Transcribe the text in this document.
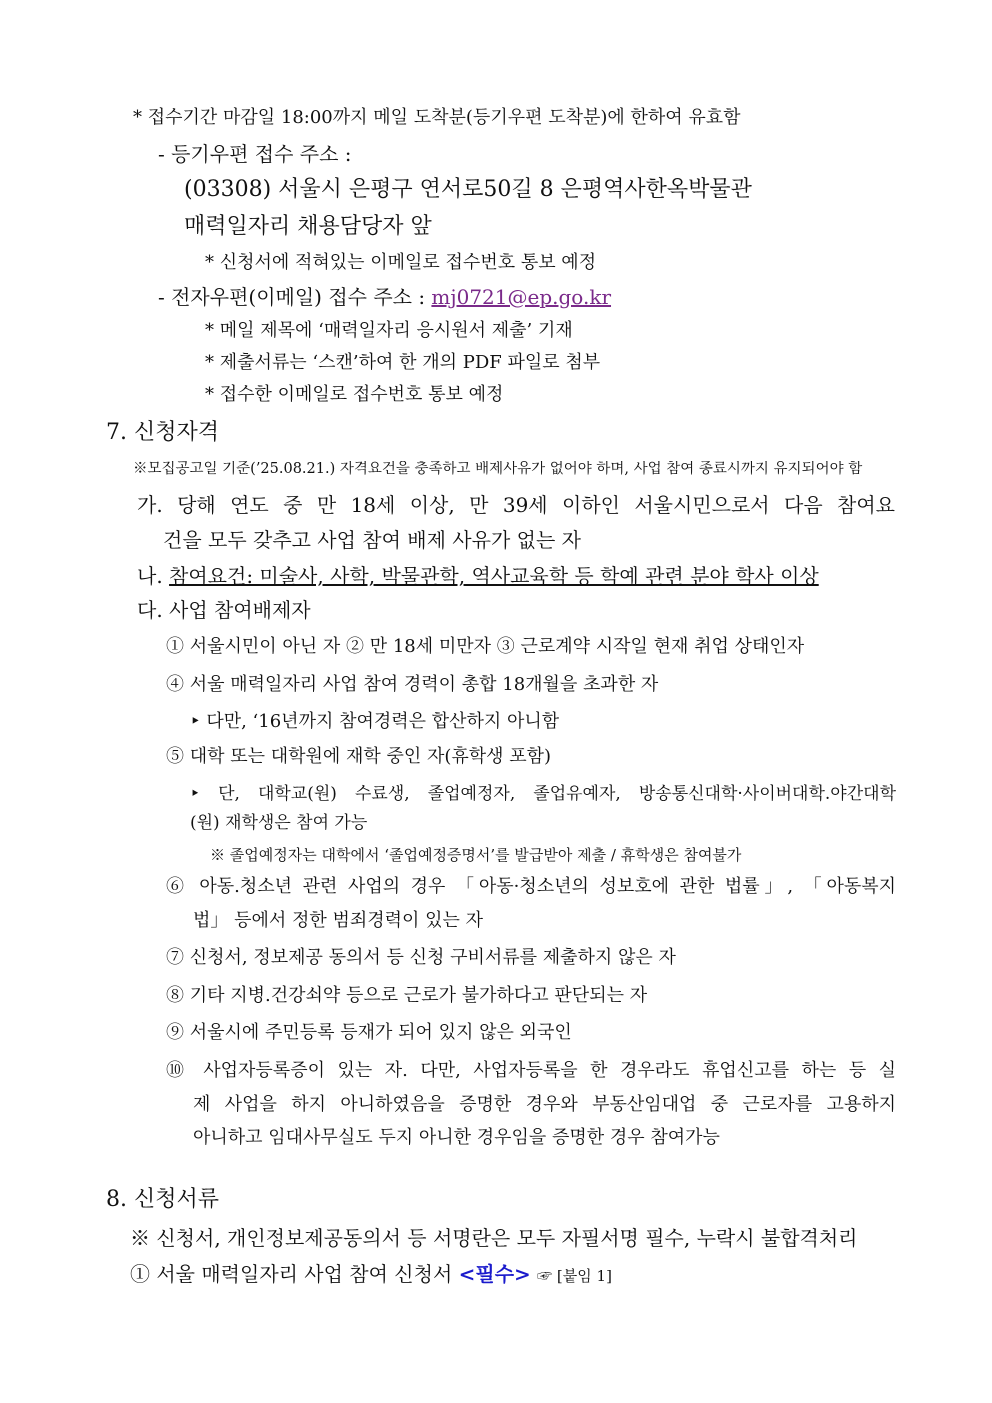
* 접수기간 마감일 18:00까지 메일 도착분(등기우편 도착분)에 한하여 유효함
- 등기우편 접수 주소 :
(03308) 서울시 은평구 연서로50길 8 은평역사한옥박물관
매력일자리 채용담당자 앞
* 신청서에 적혀있는 이메일로 접수번호 통보 예정
- 전자우편(이메일) 접수 주소 : mj0721@ep.go.kr
* 메일 제목에 ‘매력일자리 응시원서 제출’ 기재
* 제출서류는 ‘스캔’하여 한 개의 PDF 파일로 첨부
* 접수한 이메일로 접수번호 통보 예정
7. 신청자격
※모집공고일 기준(’25.08.21.) 자격요건을 충족하고 배제사유가 없어야 하며, 사업 참여 종료시까지 유지되어야 함
가. 당해 연도 중 만 18세 이상, 만 39세 이하인 서울시민으로서 다음 참여요
건을 모두 갖추고 사업 참여 배제 사유가 없는 자
나. 참여요건: 미술사, 사학, 박물관학, 역사교육학 등 학예 관련 분야 학사 이상
다. 사업 참여배제자
① 서울시민이 아닌 자 ② 만 18세 미만자 ③ 근로계약 시작일 현재 취업 상태인자
④ 서울 매력일자리 사업 참여 경력이 총합 18개월을 초과한 자
‣ 다만, ‘16년까지 참여경력은 합산하지 아니함
⑤ 대학 또는 대학원에 재학 중인 자(휴학생 포함)
‣ 단, 대학교(원) 수료생, 졸업예정자, 졸업유예자, 방송통신대학·사이버대학.야간대학
(원) 재학생은 참여 가능
※ 졸업예정자는 대학에서 ‘졸업예정증명서’를 발급받아 제출 / 휴학생은 참여불가
⑥ 아동.청소년 관련 사업의 경우 「아동·청소년의 성보호에 관한 법률」, 「아동복지
법」 등에서 정한 범죄경력이 있는 자
⑦ 신청서, 정보제공 동의서 등 신청 구비서류를 제출하지 않은 자
⑧ 기타 지병.건강쇠약 등으로 근로가 불가하다고 판단되는 자
⑨ 서울시에 주민등록 등재가 되어 있지 않은 외국인
⑩ 사업자등록증이 있는 자. 다만, 사업자등록을 한 경우라도 휴업신고를 하는 등 실
제 사업을 하지 아니하였음을 증명한 경우와 부동산임대업 중 근로자를 고용하지
아니하고 임대사무실도 두지 아니한 경우임을 증명한 경우 참여가능
8. 신청서류
※ 신청서, 개인정보제공동의서 등 서명란은 모두 자필서명 필수, 누락시 불합격처리
① 서울 매력일자리 사업 참여 신청서 <필수> ☞ [붙임 1]
